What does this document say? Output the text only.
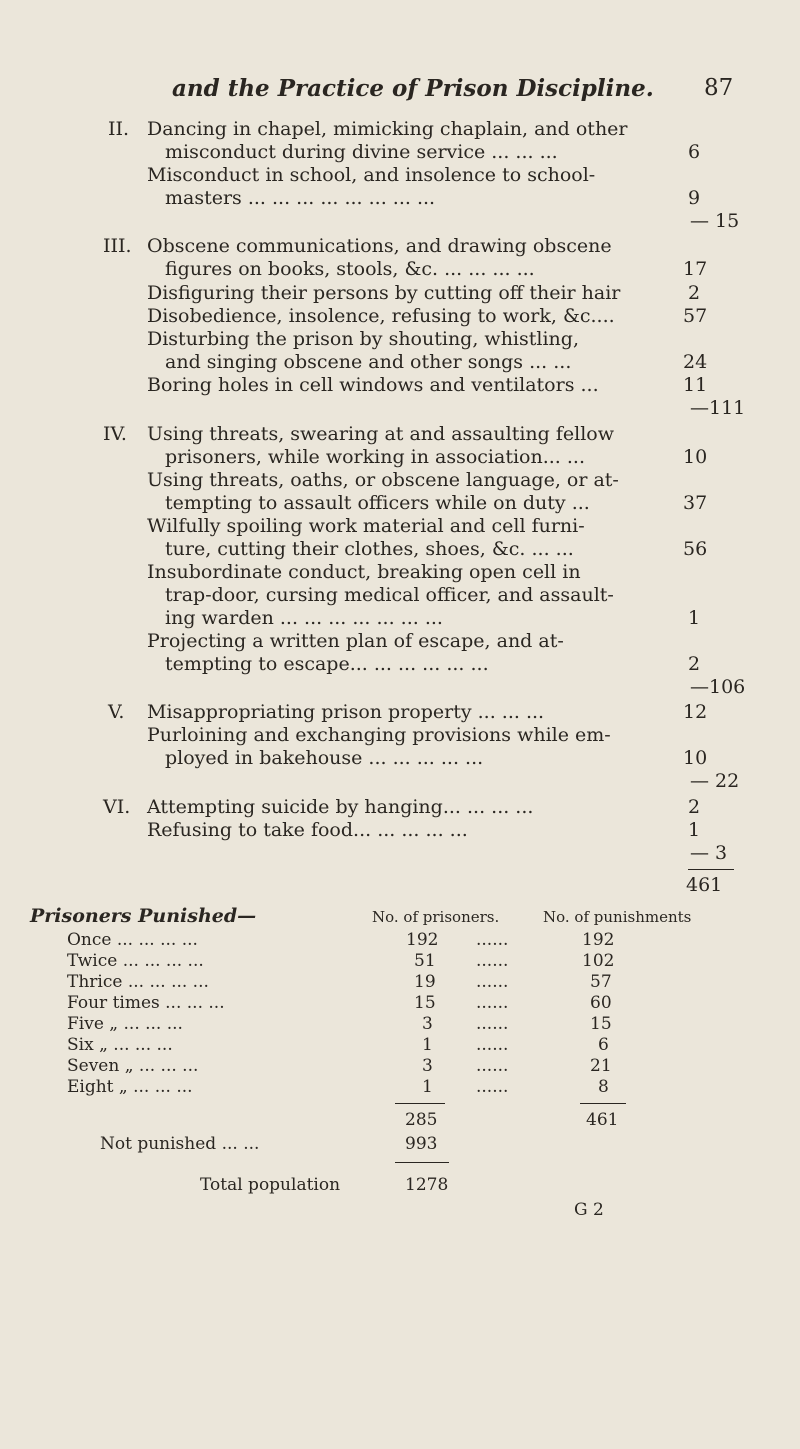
and the Practice of Prison Discipline. 87
II. Dancing in chapel, mimicking chaplain, and other
misconduct during divine service ... ... ...	6
Misconduct in school, and insolence to school-
masters ... ... ... ... ... ... ... ...	9
— 15
III. Obscene communications, and drawing obscene
figures on books, stools, &c. ... ... ... ...	17
Disfiguring their persons by cutting off their hair	2
Disobedience, insolence, refusing to work, &c....	57
Disturbing the prison by shouting, whistling,
and singing obscene and other songs ... ...	24
Boring holes in cell windows and ventilators ...	11
—111
IV. Using threats, swearing at and assaulting fellow
prisoners, while working in association... ...	10
Using threats, oaths, or obscene language, or at-
tempting to assault officers while on duty ...	37
Wilfully spoiling work material and cell furni-
ture, cutting their clothes, shoes, &c. ... ...	56
Insubordinate conduct, breaking open cell in
trap-door, cursing medical officer, and assault-
ing warden ... ... ... ... ... ... ...	1
Projecting a written plan of escape, and at-
tempting to escape... ... ... ... ... ...	2
—106
V. Misappropriating prison property ... ... ...	12
Purloining and exchanging provisions while em-
ployed in bakehouse ... ... ... ... ...	10
— 22
VI. Attempting suicide by hanging... ... ... ...	2
Refusing to take food... ... ... ... ...	1
— 3
461
Prisoners Punished—	No. of prisoners.	No. of punishments
Once ... ... ... ...	192 ......	192
Twice ... ... ... ...	51 ......	102
Thrice ... ... ... ...	19 ......	57
Four times ... ... ...	15 ......	60
Five „ ... ... ...	3	......	15
Six „ ... ... ...	1	......	6
Seven „ ... ... ...	3	......	21
Eight „ ... ... ...	1	......	8
285	461
Not punished ... ...	993
Total population	1278
G 2
